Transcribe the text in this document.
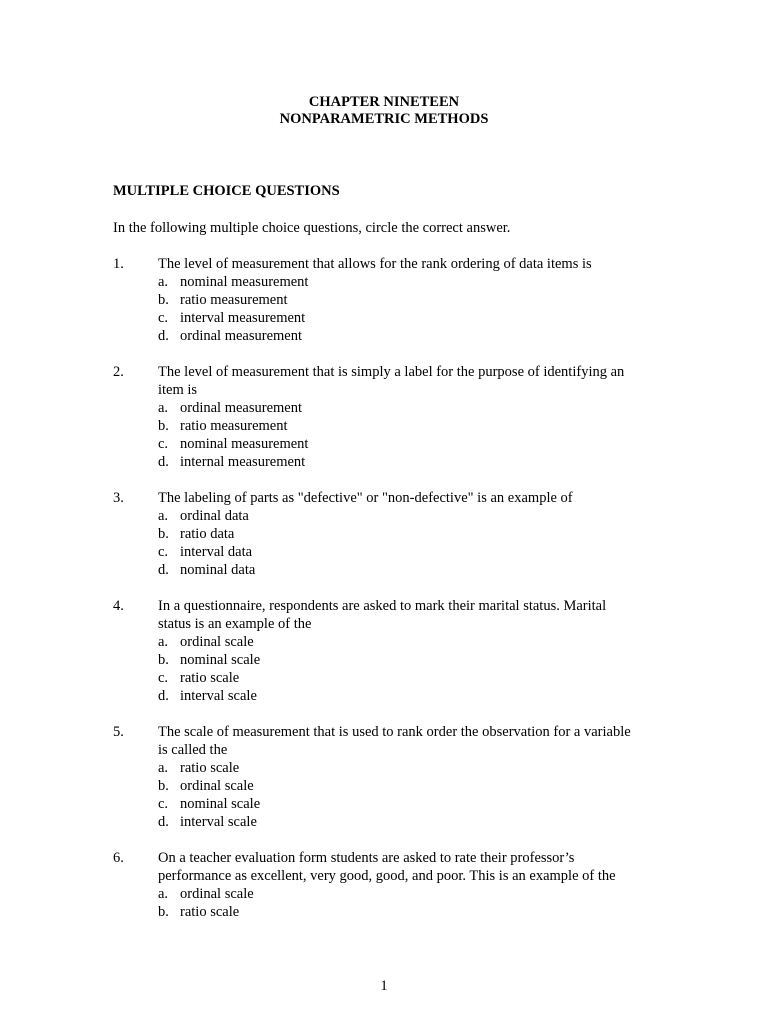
CHAPTER NINETEEN
NONPARAMETRIC METHODS
MULTIPLE CHOICE QUESTIONS
In the following multiple choice questions, circle the correct answer.
1. The level of measurement that allows for the rank ordering of data items is
a. nominal measurement
b. ratio measurement
c. interval measurement
d. ordinal measurement
2. The level of measurement that is simply a label for the purpose of identifying an item is
a. ordinal measurement
b. ratio measurement
c. nominal measurement
d. internal measurement
3. The labeling of parts as "defective" or "non-defective" is an example of
a. ordinal data
b. ratio data
c. interval data
d. nominal data
4. In a questionnaire, respondents are asked to mark their marital status. Marital status is an example of the
a. ordinal scale
b. nominal scale
c. ratio scale
d. interval scale
5. The scale of measurement that is used to rank order the observation for a variable is called the
a. ratio scale
b. ordinal scale
c. nominal scale
d. interval scale
6. On a teacher evaluation form students are asked to rate their professor’s performance as excellent, very good, good, and poor. This is an example of the
a. ordinal scale
b. ratio scale
1
